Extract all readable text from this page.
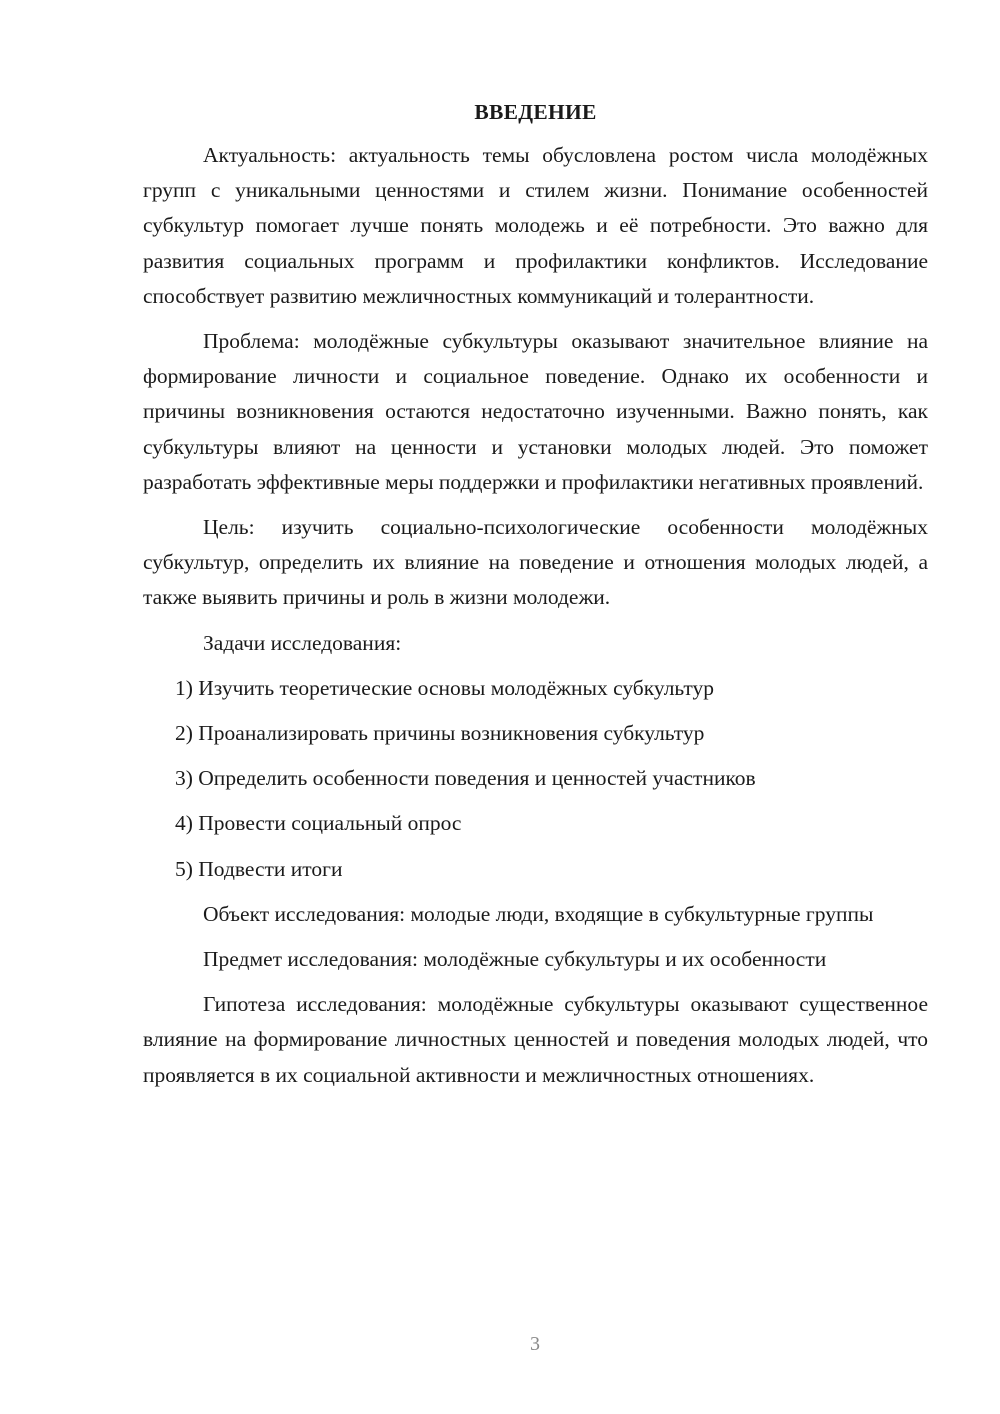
ВВЕДЕНИЕ

Актуальность: актуальность темы обусловлена ростом числа молодёжных групп с уникальными ценностями и стилем жизни. Понимание особенностей субкультур помогает лучше понять молодежь и её потребности. Это важно для развития социальных программ и профилактики конфликтов. Исследование способствует развитию межличностных коммуникаций и толерантности.

Проблема: молодёжные субкультуры оказывают значительное влияние на формирование личности и социальное поведение. Однако их особенности и причины возникновения остаются недостаточно изученными. Важно понять, как субкультуры влияют на ценности и установки молодых людей. Это поможет разработать эффективные меры поддержки и профилактики негативных проявлений.

Цель: изучить социально-психологические особенности молодёжных субкультур, определить их влияние на поведение и отношения молодых людей, а также выявить причины и роль в жизни молодежи.

Задачи исследования:

1) Изучить теоретические основы молодёжных субкультур
2) Проанализировать причины возникновения субкультур
3) Определить особенности поведения и ценностей участников
4) Провести социальный опрос
5) Подвести итоги

Объект исследования: молодые люди, входящие в субкультурные группы

Предмет исследования: молодёжные субкультуры и их особенности

Гипотеза исследования: молодёжные субкультуры оказывают существенное влияние на формирование личностных ценностей и поведения молодых людей, что проявляется в их социальной активности и межличностных отношениях.

3
